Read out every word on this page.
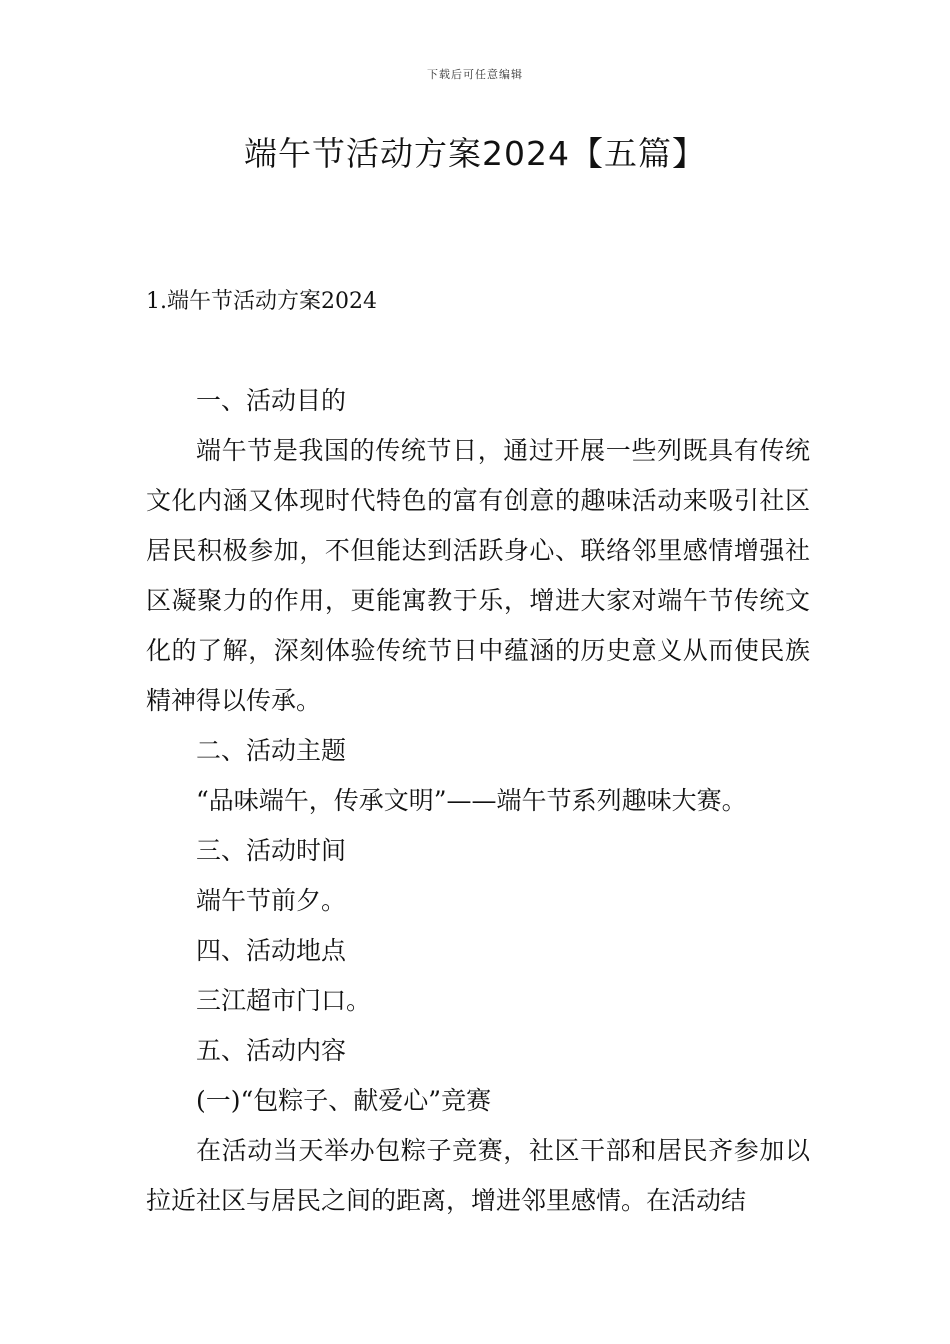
下载后可任意编辑
端午节活动方案2024【五篇】
1.端午节活动方案2024

一、活动目的

端午节是我国的传统节日，通过开展一些列既具有传统文化内涵又体现时代特色的富有创意的趣味活动来吸引社区居民积极参加，不但能达到活跃身心、联络邻里感情增强社区凝聚力的作用，更能寓教于乐，增进大家对端午节传统文化的了解，深刻体验传统节日中蕴涵的历史意义从而使民族精神得以传承。

二、活动主题

“品味端午，传承文明”——端午节系列趣味大赛。

三、活动时间

端午节前夕。

四、活动地点

三江超市门口。

五、活动内容

(一)“包粽子、献爱心”竞赛

在活动当天举办包粽子竞赛，社区干部和居民齐参加以拉近社区与居民之间的距离，增进邻里感情。在活动结
